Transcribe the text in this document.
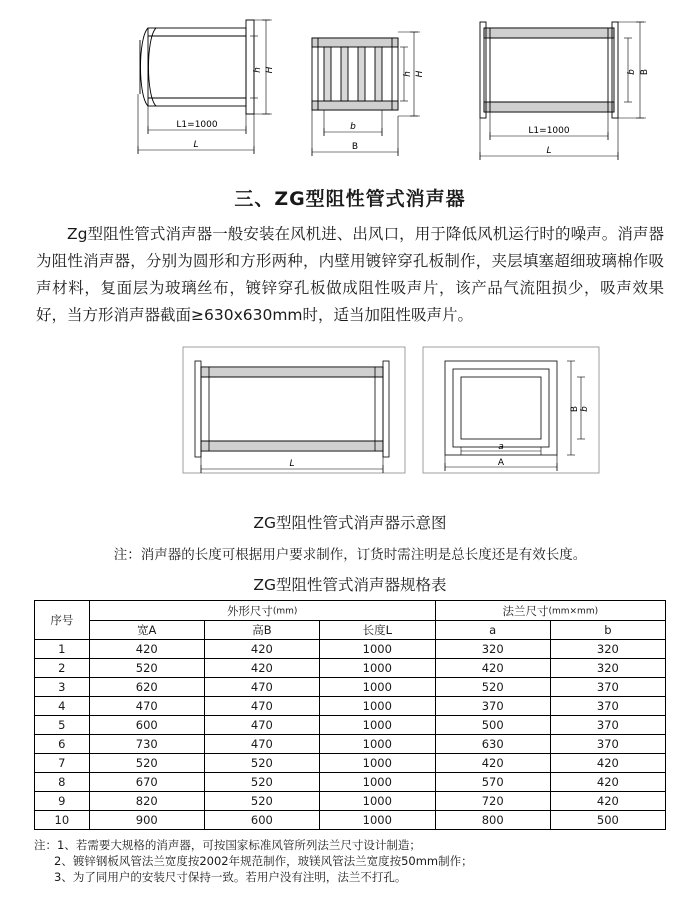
h H
L1=1000
L
h H
b
B
b B
L1=1000
L
三、ZG型阻性管式消声器
Zg型阻性管式消声器一般安装在风机进、出风口，用于降低风机运行时的噪声。消声器为阻性消声器，分别为圆形和方形两种，内壁用镀锌穿孔板制作，夹层填塞超细玻璃棉作吸声材料，复面层为玻璃丝布，镀锌穿孔板做成阻性吸声片，该产品气流阻损少，吸声效果好，当方形消声器截面≥630x630mm时，适当加阻性吸声片。
L
B b
a
A
ZG型阻性管式消声器示意图
注：消声器的长度可根据用户要求制作，订货时需注明是总长度还是有效长度。
ZG型阻性管式消声器规格表
序号	外形尺寸(mm)			法兰尺寸(mm×mm)	
	宽A	高B	长度L	a	b
1	420	420	1000	320	320
2	520	420	1000	420	320
3	620	470	1000	520	370
4	470	470	1000	370	370
5	600	470	1000	500	370
6	730	470	1000	630	370
7	520	520	1000	420	420
8	670	520	1000	570	420
9	820	520	1000	720	420
10	900	600	1000	800	500
注：1、若需要大规格的消声器，可按国家标准风管所列法兰尺寸设计制造；
2、镀锌钢板风管法兰宽度按2002年规范制作，玻镁风管法兰宽度按50mm制作；
3、为了同用户的安装尺寸保持一致。若用户没有注明，法兰不打孔。
